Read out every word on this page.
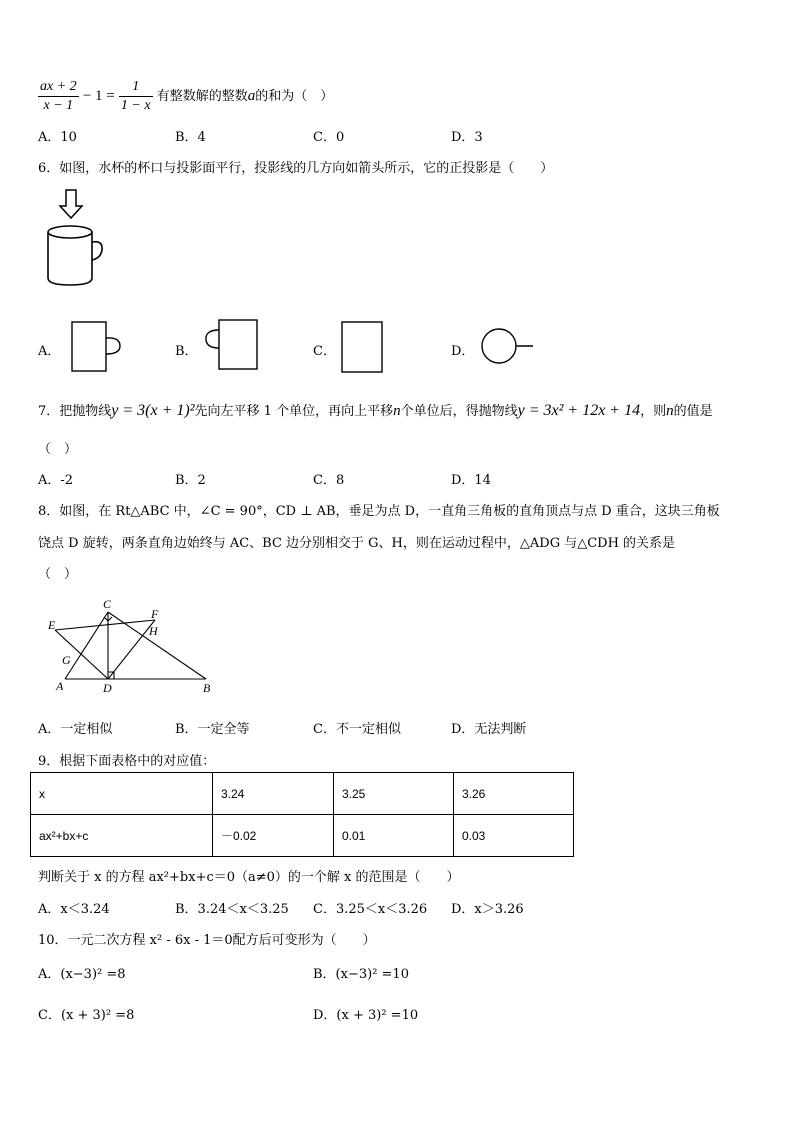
$\frac{ax + 2}{x - 1} - 1 = \frac{1}{1 - x}$ 有整数解的整数a的和为（　）
A．10	B．4	C．0	D．3
6．如图，水杯的杯口与投影面平行，投影线的几方向如箭头所示，它的正投影是（　　）
A．	B．	C．	D．
7．把抛物线y = 3(x + 1)²先向左平移 1 个单位，再向上平移n个单位后，得抛物线y = 3x² + 12x + 14，则n的值是
（　）
A．-2	B．2	C．8	D．14
8．如图，在 Rt△ABC 中，∠C = 90°，CD ⊥ AB，垂足为点 D，一直角三角板的直角顶点与点 D 重合，这块三角板
饶点 D 旋转，两条直角边始终与 AC、BC 边分别相交于 G、H，则在运动过程中，△ADG 与△CDH 的关系是
（　）
C
F
E	H
G
A	D	B
A．一定相似	B．一定全等	C．不一定相似	D．无法判断
9．根据下面表格中的对应值：
x	3.24	3.25	3.26
ax²+bx+c	－0.02	0.01	0.03
判断关于 x 的方程 ax²+bx+c＝0（a≠0）的一个解 x 的范围是（　　）
A．x＜3.24	B．3.24＜x＜3.25 C．3.25＜x＜3.26 D．x＞3.26
10．一元二次方程 x² - 6x - 1＝0配方后可变形为（　　）
A．(x−3)² =8	B．(x−3)² =10
C．(x + 3)² =8	D．(x + 3)² =10
